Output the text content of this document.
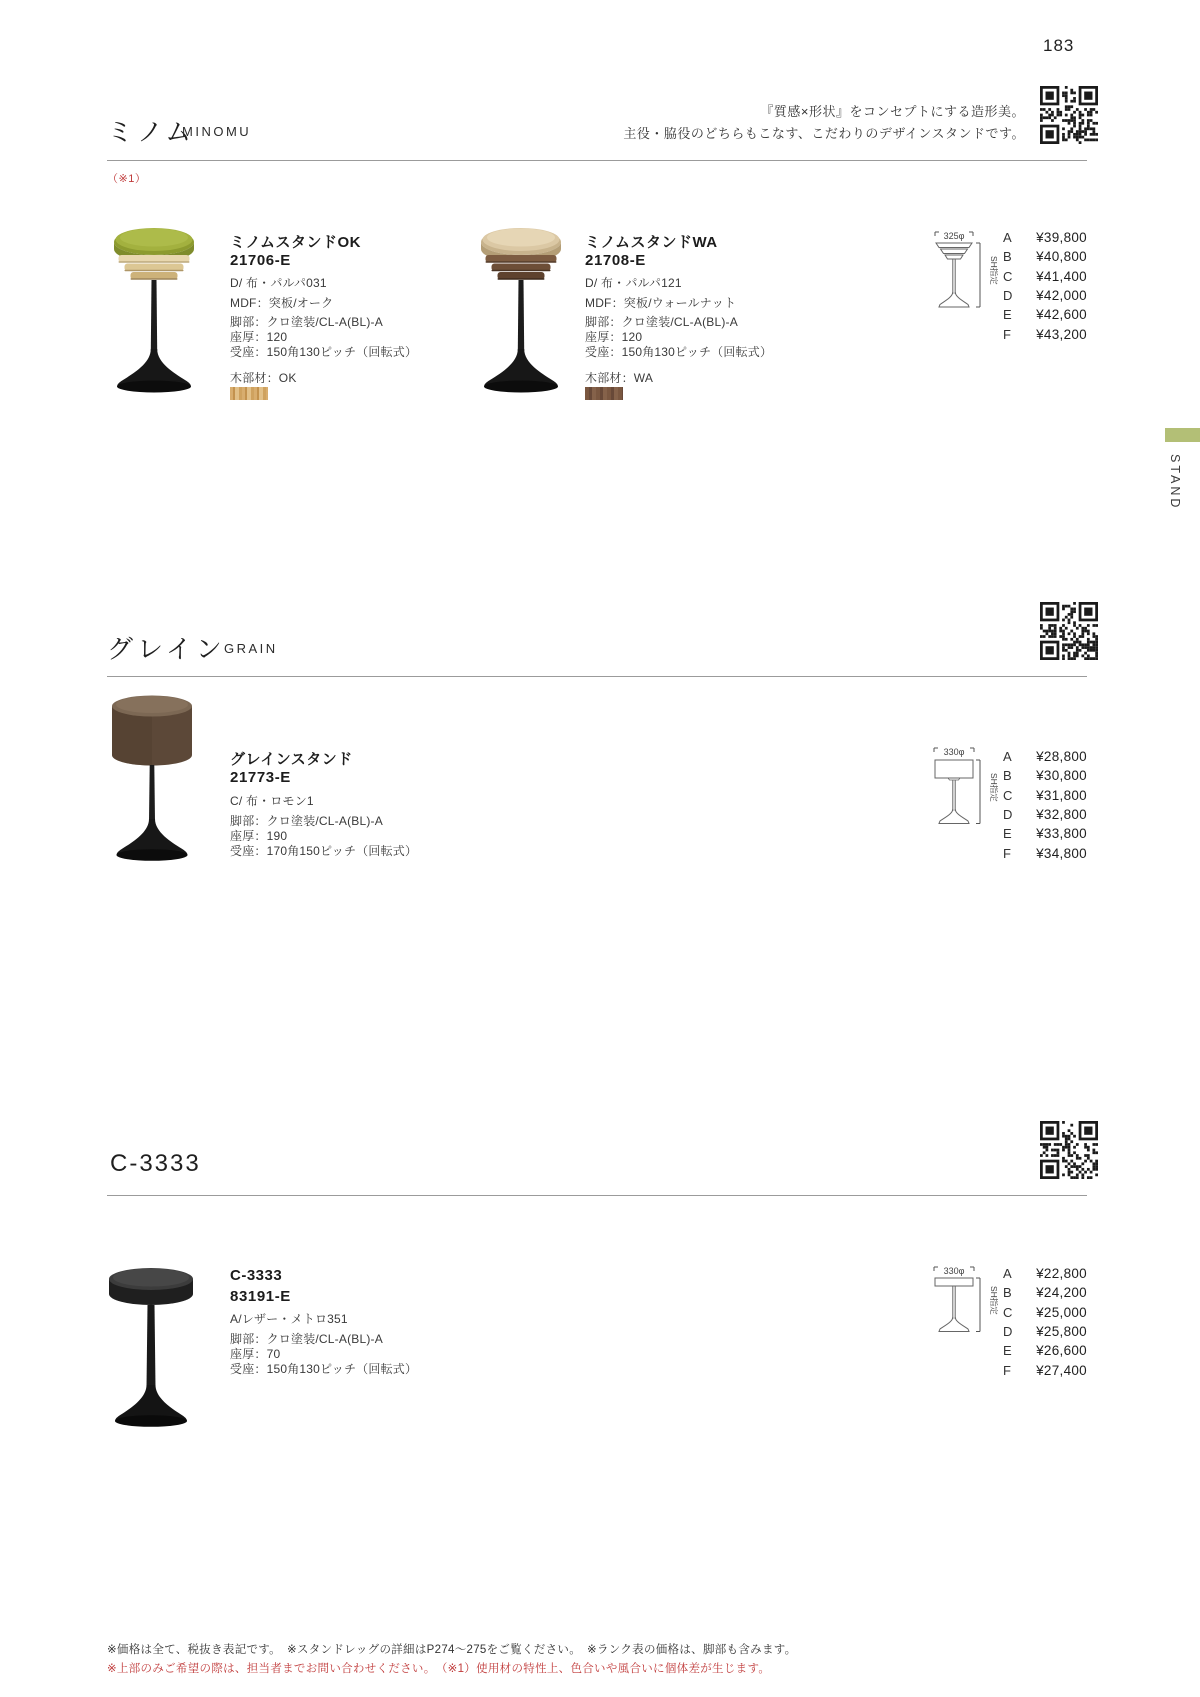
183
ミノム
MINOMU
『質感×形状』をコンセプトにする造形美。
主役・脇役のどちらもこなす、こだわりのデザインスタンドです。
（※1）
ミノムスタンドOK
21706-E
D/ 布・パルパ031
MDF：突板/オーク
脚部：クロ塗装/CL-A(BL)-A
座厚：120
受座：150角130ピッチ（回転式）
木部材：OK
ミノムスタンドWA
21708-E
D/ 布・パルパ121
MDF：突板/ウォールナット
脚部：クロ塗装/CL-A(BL)-A
座厚：120
受座：150角130ピッチ（回転式）
木部材：WA
325φ
SH指定
A ¥39,800
B ¥40,800
C ¥41,400
D ¥42,000
E ¥42,600
F ¥43,200
STAND
グレイン
GRAIN
グレインスタンド
21773-E
C/ 布・ロモン1
脚部：クロ塗装/CL-A(BL)-A
座厚：190
受座：170角150ピッチ（回転式）
330φ
SH指定
A ¥28,800
B ¥30,800
C ¥31,800
D ¥32,800
E ¥33,800
F ¥34,800
C-3333
C-3333
83191-E
A/レザー・メトロ351
脚部：クロ塗装/CL-A(BL)-A
座厚：70
受座：150角130ピッチ（回転式）
330φ
SH指定
A ¥22,800
B ¥24,200
C ¥25,000
D ¥25,800
E ¥26,600
F ¥27,400
※価格は全て、税抜き表記です。　※スタンドレッグの詳細はP274〜275をご覧ください。　※ランク表の価格は、脚部も含みます。
※上部のみご希望の際は、担当者までお問い合わせください。　（※1）使用材の特性上、色合いや風合いに個体差が生じます。
